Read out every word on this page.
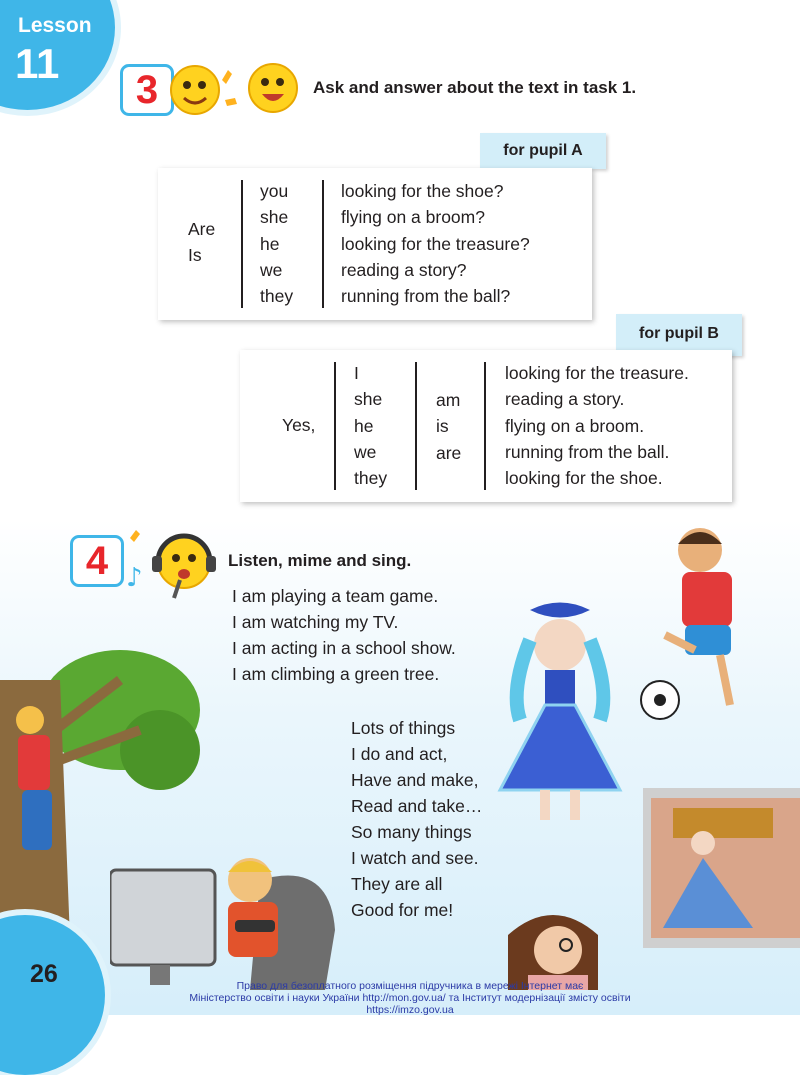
Lesson
11
3	Ask and answer about the text in task 1.
for pupil A
Are
Is
you
she
he
we
they
looking for the shoe?
flying on a broom?
looking for the treasure?
reading a story?
running from the ball?
for pupil B
Yes,
I
she
he
we
they
am
is
are
looking for the treasure.
reading a story.
flying on a broom.
running from the ball.
looking for the shoe.
4 ♪
Listen, mime and sing.
I am playing a team game.
I am watching my TV.
I am acting in a school show.
I am climbing a green tree.
Lots of things
I do and act,
Have and make,
Read and take…
So many things
I watch and see.
They are all
Good for me!
26	Право для безоплатного розміщення підручника в мережі Інтернет має
Міністерство освіти і науки України http://mon.gov.ua/ та Інститут модернізації змісту освіти https://imzo.gov.ua
